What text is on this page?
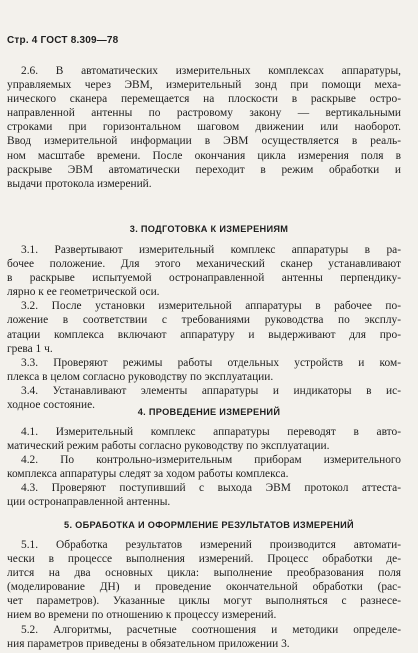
Стр. 4 ГОСТ 8.309—78
2.6. В автоматических измерительных комплексах аппаратуры,
управляемых через ЭВМ, измерительный зонд при помощи меха-
нического сканера перемещается на плоскости в раскрыве остро-
направленной антенны по растровому закону — вертикальными
строками при горизонтальном шаговом движении или наоборот.
Ввод измерительной информации в ЭВМ осуществляется в реаль-
ном масштабе времени. После окончания цикла измерения поля в
раскрыве ЭВМ автоматически переходит в режим обработки и
выдачи протокола измерений.
3. ПОДГОТОВКА К ИЗМЕРЕНИЯМ
3.1. Развертывают измерительный комплекс аппаратуры в ра-
бочее положение. Для этого механический сканер устанавливают
в раскрыве испытуемой остронаправленной антенны перпендику-
лярно к ее геометрической оси.
3.2. После установки измерительной аппаратуры в рабочее по-
ложение в соответствии с требованиями руководства по эксплу-
атации комплекса включают аппаратуру и выдерживают для про-
грева 1 ч.
3.3. Проверяют режимы работы отдельных устройств и ком-
плекса в целом согласно руководству по эксплуатации.
3.4. Устанавливают элементы аппаратуры и индикаторы в ис-
ходное состояние.
4. ПРОВЕДЕНИЕ ИЗМЕРЕНИЙ
4.1. Измерительный комплекс аппаратуры переводят в авто-
матический режим работы согласно руководству по эксплуатации.
4.2. По контрольно-измерительным приборам измерительного
комплекса аппаратуры следят за ходом работы комплекса.
4.3. Проверяют поступивший с выхода ЭВМ протокол аттеста-
ции остронаправленной антенны.
5. ОБРАБОТКА И ОФОРМЛЕНИЕ РЕЗУЛЬТАТОВ ИЗМЕРЕНИЙ
5.1. Обработка результатов измерений производится автомати-
чески в процессе выполнения измерений. Процесс обработки де-
лится на два основных цикла: выполнение преобразования поля
(моделирование ДН) и проведение окончательной обработки (рас-
чет параметров). Указанные циклы могут выполняться с разнесе-
нием во времени по отношению к процессу измерений.
5.2. Алгоритмы, расчетные соотношения и методики определе-
ния параметров приведены в обязательном приложении 3.
